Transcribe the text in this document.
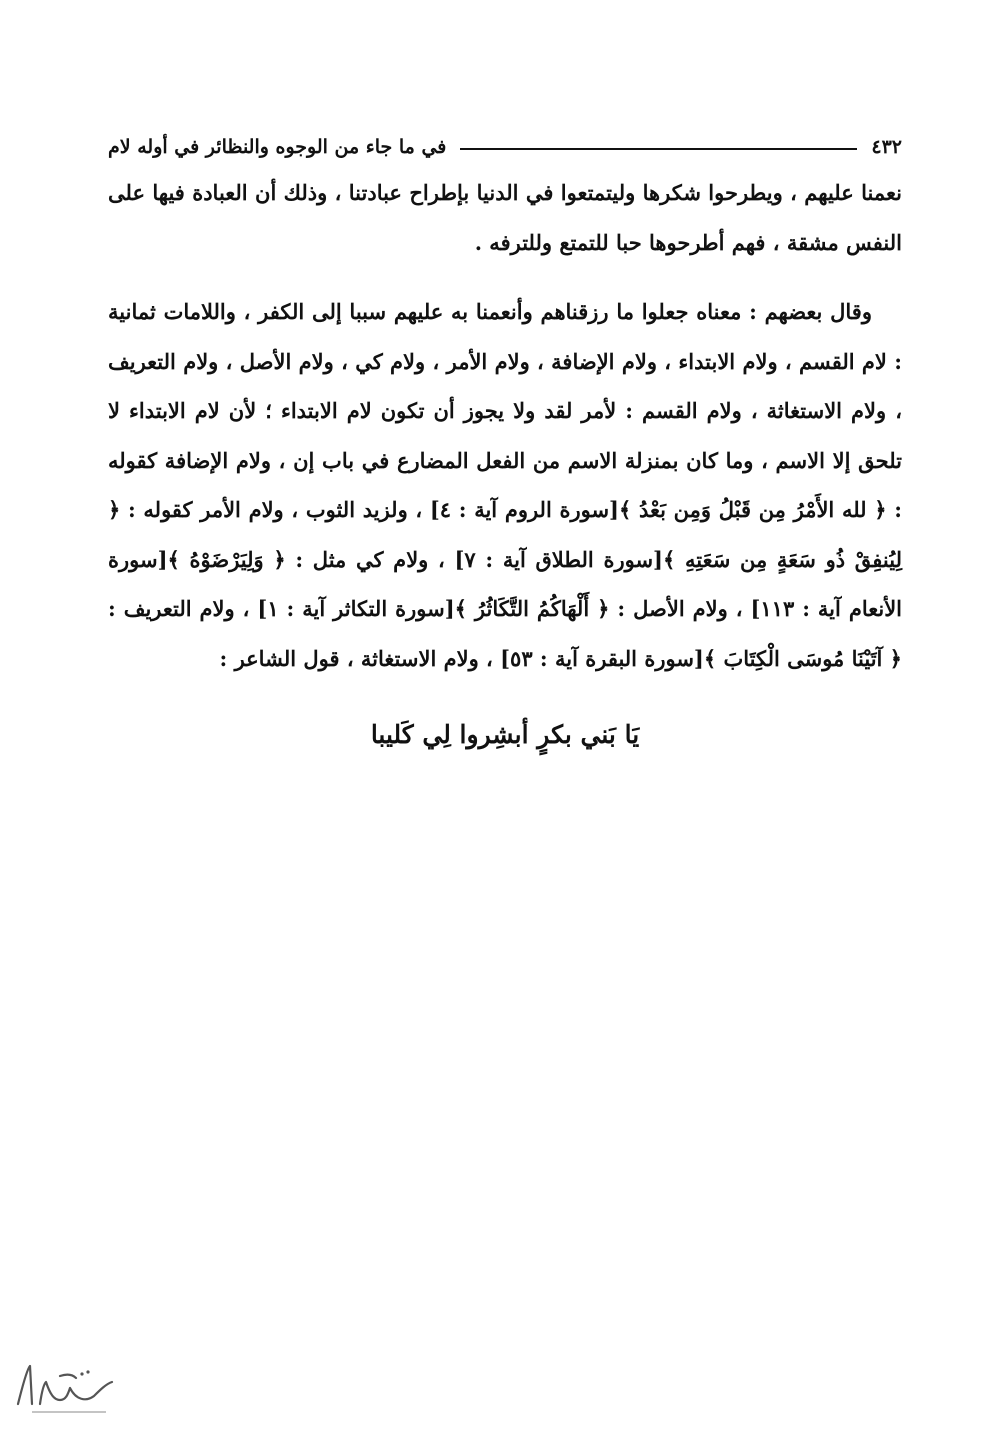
٤٣٢
في ما جاء من الوجوه والنظائر في أوله لام

نعمنا عليهم ، ويطرحوا شكرها وليتمتعوا في الدنيا بإطراح عبادتنا ، وذلك أن العبادة فيها على النفس مشقة ، فهم أطرحوها حبا للتمتع وللترفه .

وقال بعضهم : معناه جعلوا ما رزقناهم وأنعمنا به عليهم سببا إلى الكفر ، واللامات ثمانية : لام القسم ، ولام الابتداء ، ولام الإضافة ، ولام الأمر ، ولام كي ، ولام الأصل ، ولام التعريف ، ولام الاستغاثة ، ولام القسم : لأمر لقد ولا يجوز أن تكون لام الابتداء ؛ لأن لام الابتداء لا تلحق إلا الاسم ، وما كان بمنزلة الاسم من الفعل المضارع في باب إن ، ولام الإضافة كقوله : ﴿ لله الأَمْرُ مِن قَبْلُ وَمِن بَعْدُ ﴾[سورة الروم آية : ٤] ، ولزيد الثوب ، ولام الأمر كقوله : ﴿ لِيُنفِقْ ذُو سَعَةٍ مِن سَعَتِهِ ﴾[سورة الطلاق آية : ٧] ، ولام كي مثل : ﴿ وَلِيَرْضَوْهُ ﴾[سورة الأنعام آية : ١١٣] ، ولام الأصل : ﴿ أَلْهَاكُمُ التَّكَاثُرُ ﴾[سورة التكاثر آية : ١] ، ولام التعريف : ﴿ آتَيْنَا مُوسَى الْكِتَابَ ﴾[سورة البقرة آية : ٥٣] ، ولام الاستغاثة ، قول الشاعر :

يَا بَني بكرٍ أبشِروا لِي كَليبا
